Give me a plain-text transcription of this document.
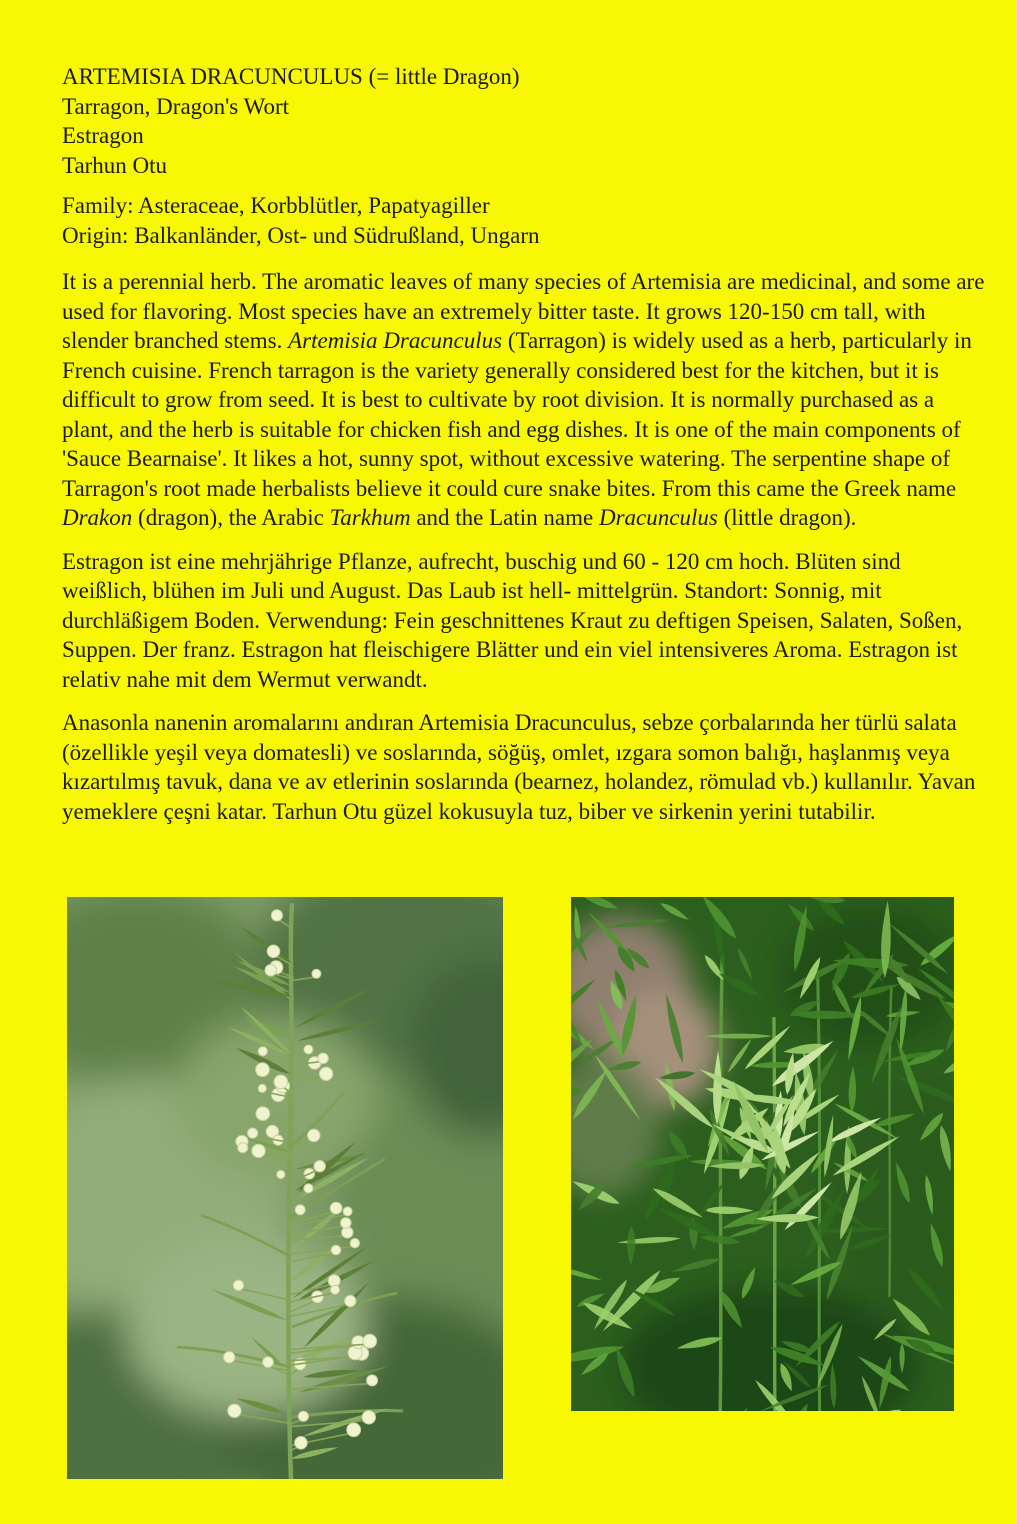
ARTEMISIA DRACUNCULUS (= little Dragon)
Tarragon, Dragon's Wort
Estragon
Tarhun Otu
Family: Asteraceae, Korbblütler, Papatyagiller
Origin: Balkanländer, Ost- und Südrußland, Ungarn

It is a perennial herb. The aromatic leaves of many species of Artemisia are medicinal, and some are used for flavoring. Most species have an extremely bitter taste. It grows 120-150 cm tall, with slender branched stems. Artemisia Dracunculus (Tarragon) is widely used as a herb, particularly in French cuisine. French tarragon is the variety generally considered best for the kitchen, but it is difficult to grow from seed. It is best to cultivate by root division. It is normally purchased as a plant, and the herb is suitable for chicken fish and egg dishes. It is one of the main components of 'Sauce Bearnaise'. It likes a hot, sunny spot, without excessive watering. The serpentine shape of Tarragon's root made herbalists believe it could cure snake bites. From this came the Greek name Drakon (dragon), the Arabic Tarkhum and the Latin name Dracunculus (little dragon).

Estragon ist eine mehrjährige Pflanze, aufrecht, buschig und 60 - 120 cm hoch. Blüten sind weißlich, blühen im Juli und August. Das Laub ist hell- mittelgrün. Standort: Sonnig, mit durchläßigem Boden. Verwendung: Fein geschnittenes Kraut zu deftigen Speisen, Salaten, Soßen, Suppen. Der franz. Estragon hat fleischigere Blätter und ein viel intensiveres Aroma. Estragon ist relativ nahe mit dem Wermut verwandt.

Anasonla nanenin aromalarını andıran Artemisia Dracunculus, sebze çorbalarında her türlü salata (özellikle yeşil veya domatesli) ve soslarında, söğüş, omlet, ızgara somon balığı, haşlanmış veya kızartılmış tavuk, dana ve av etlerinin soslarında (bearnez, holandez, römulad vb.) kullanılır. Yavan yemeklere çeşni katar. Tarhun Otu güzel kokusuyla tuz, biber ve sirkenin yerini tutabilir.
